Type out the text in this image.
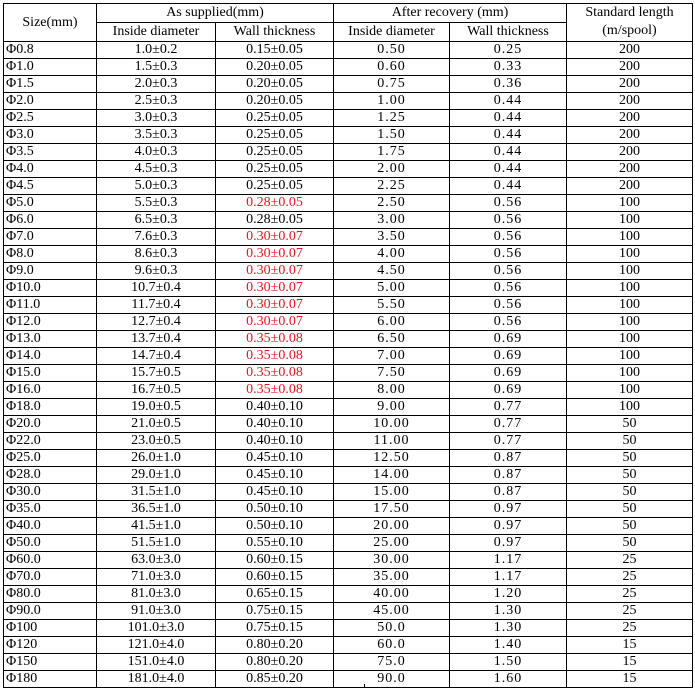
Size(mm)	As supplied(mm)		After recovery (mm)		Standard length (m/spool)
	Inside diameter	Wall thickness	Inside diameter	Wall thickness	
Φ0.8	1.0±0.2	0.15±0.05	0.50	0.25	200
Φ1.0	1.5±0.3	0.20±0.05	0.60	0.33	200
Φ1.5	2.0±0.3	0.20±0.05	0.75	0.36	200
Φ2.0	2.5±0.3	0.20±0.05	1.00	0.44	200
Φ2.5	3.0±0.3	0.25±0.05	1.25	0.44	200
Φ3.0	3.5±0.3	0.25±0.05	1.50	0.44	200
Φ3.5	4.0±0.3	0.25±0.05	1.75	0.44	200
Φ4.0	4.5±0.3	0.25±0.05	2.00	0.44	200
Φ4.5	5.0±0.3	0.25±0.05	2.25	0.44	200
Φ5.0	5.5±0.3	0.28±0.05	2.50	0.56	100
Φ6.0	6.5±0.3	0.28±0.05	3.00	0.56	100
Φ7.0	7.6±0.3	0.30±0.07	3.50	0.56	100
Φ8.0	8.6±0.3	0.30±0.07	4.00	0.56	100
Φ9.0	9.6±0.3	0.30±0.07	4.50	0.56	100
Φ10.0	10.7±0.4	0.30±0.07	5.00	0.56	100
Φ11.0	11.7±0.4	0.30±0.07	5.50	0.56	100
Φ12.0	12.7±0.4	0.30±0.07	6.00	0.56	100
Φ13.0	13.7±0.4	0.35±0.08	6.50	0.69	100
Φ14.0	14.7±0.4	0.35±0.08	7.00	0.69	100
Φ15.0	15.7±0.5	0.35±0.08	7.50	0.69	100
Φ16.0	16.7±0.5	0.35±0.08	8.00	0.69	100
Φ18.0	19.0±0.5	0.40±0.10	9.00	0.77	100
Φ20.0	21.0±0.5	0.40±0.10	10.00	0.77	50
Φ22.0	23.0±0.5	0.40±0.10	11.00	0.77	50
Φ25.0	26.0±1.0	0.45±0.10	12.50	0.87	50
Φ28.0	29.0±1.0	0.45±0.10	14.00	0.87	50
Φ30.0	31.5±1.0	0.45±0.10	15.00	0.87	50
Φ35.0	36.5±1.0	0.50±0.10	17.50	0.97	50
Φ40.0	41.5±1.0	0.50±0.10	20.00	0.97	50
Φ50.0	51.5±1.0	0.55±0.10	25.00	0.97	50
Φ60.0	63.0±3.0	0.60±0.15	30.00	1.17	25
Φ70.0	71.0±3.0	0.60±0.15	35.00	1.17	25
Φ80.0	81.0±3.0	0.65±0.15	40.00	1.20	25
Φ90.0	91.0±3.0	0.75±0.15	45.00	1.30	25
Φ100	101.0±3.0	0.75±0.15	50.0	1.30	25
Φ120	121.0±4.0	0.80±0.20	60.0	1.40	15
Φ150	151.0±4.0	0.80±0.20	75.0	1.50	15
Φ180	181.0±4.0	0.85±0.20	90.0	1.60	15
